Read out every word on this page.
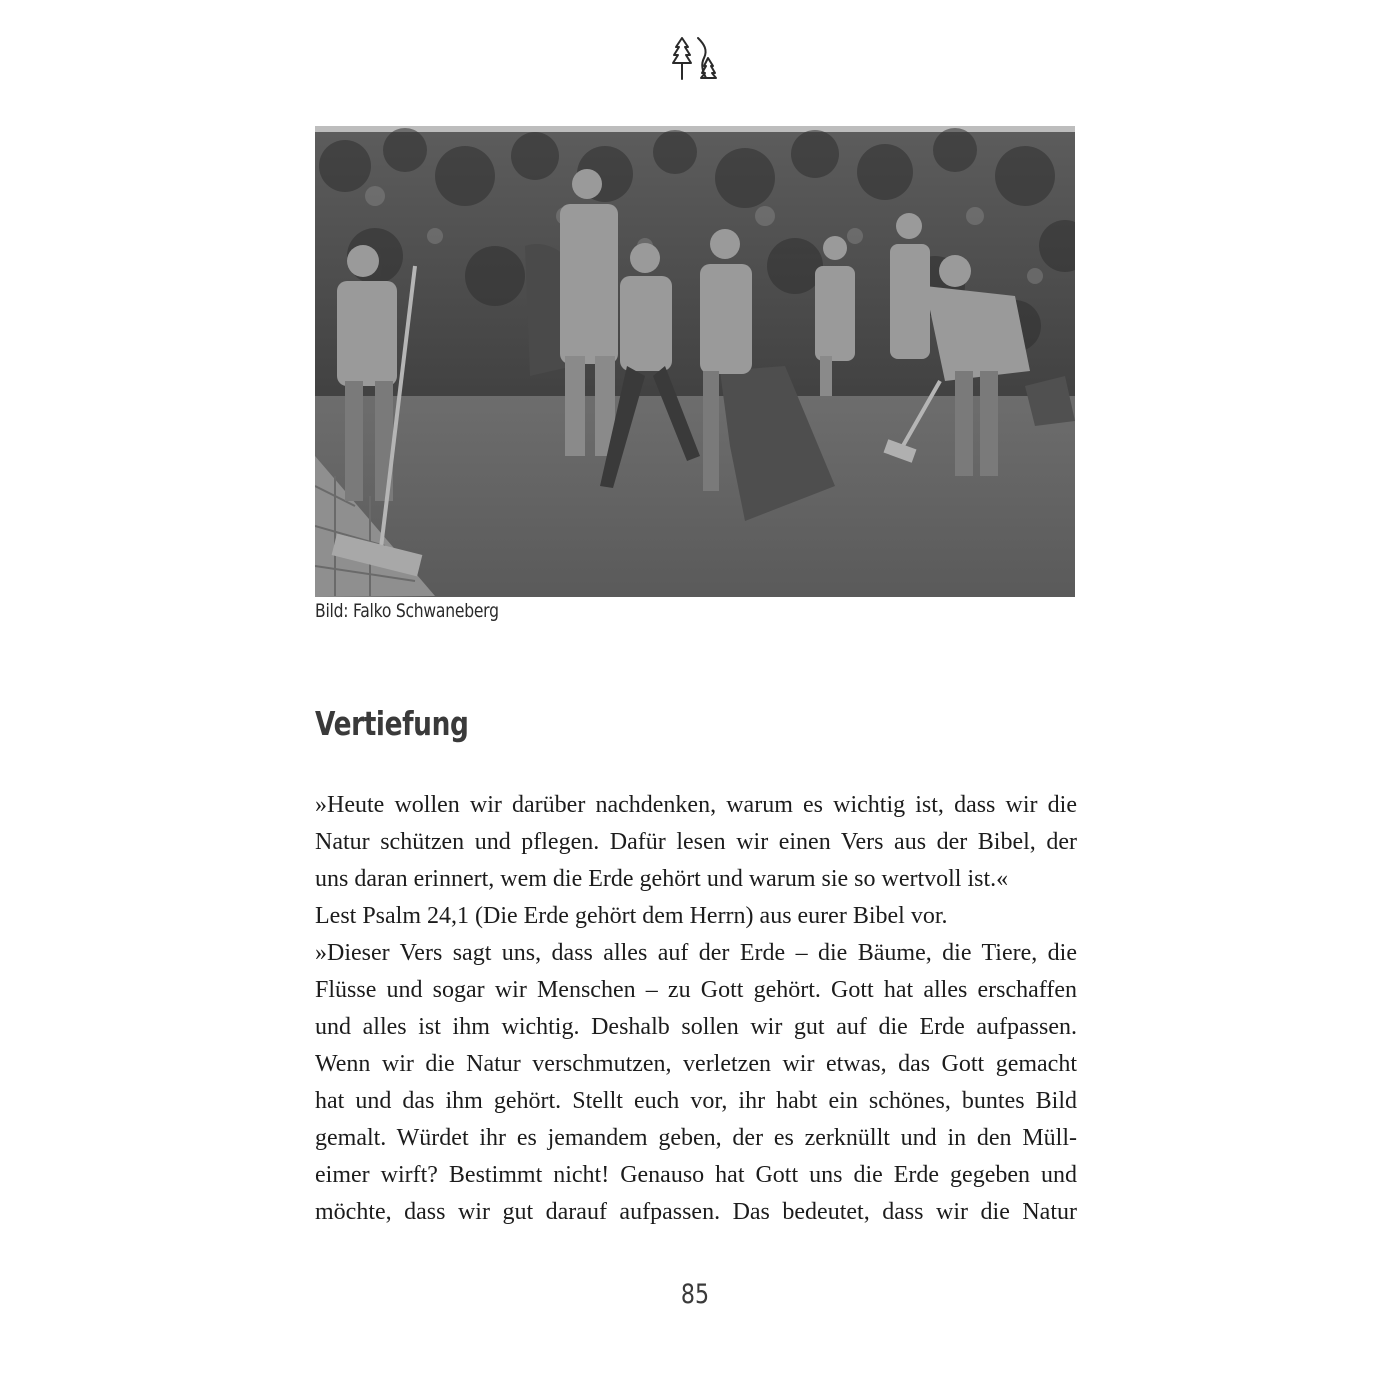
Bild: Falko Schwaneberg
Vertiefung
»Heute wollen wir darüber nachdenken, warum es wichtig ist, dass wir die
Natur schützen und pflegen. Dafür lesen wir einen Vers aus der Bibel, der
uns daran erinnert, wem die Erde gehört und warum sie so wertvoll ist.«
Lest Psalm 24,1 (Die Erde gehört dem Herrn) aus eurer Bibel vor.
»Dieser Vers sagt uns, dass alles auf der Erde – die Bäume, die Tiere, die
Flüsse und sogar wir Menschen – zu Gott gehört. Gott hat alles erschaffen
und alles ist ihm wichtig. Deshalb sollen wir gut auf die Erde aufpassen.
Wenn wir die Natur verschmutzen, verletzen wir etwas, das Gott gemacht
hat und das ihm gehört. Stellt euch vor, ihr habt ein schönes, buntes Bild
gemalt. Würdet ihr es jemandem geben, der es zerknüllt und in den Müll-
eimer wirft? Bestimmt nicht! Genauso hat Gott uns die Erde gegeben und
möchte, dass wir gut darauf aufpassen. Das bedeutet, dass wir die Natur
85
